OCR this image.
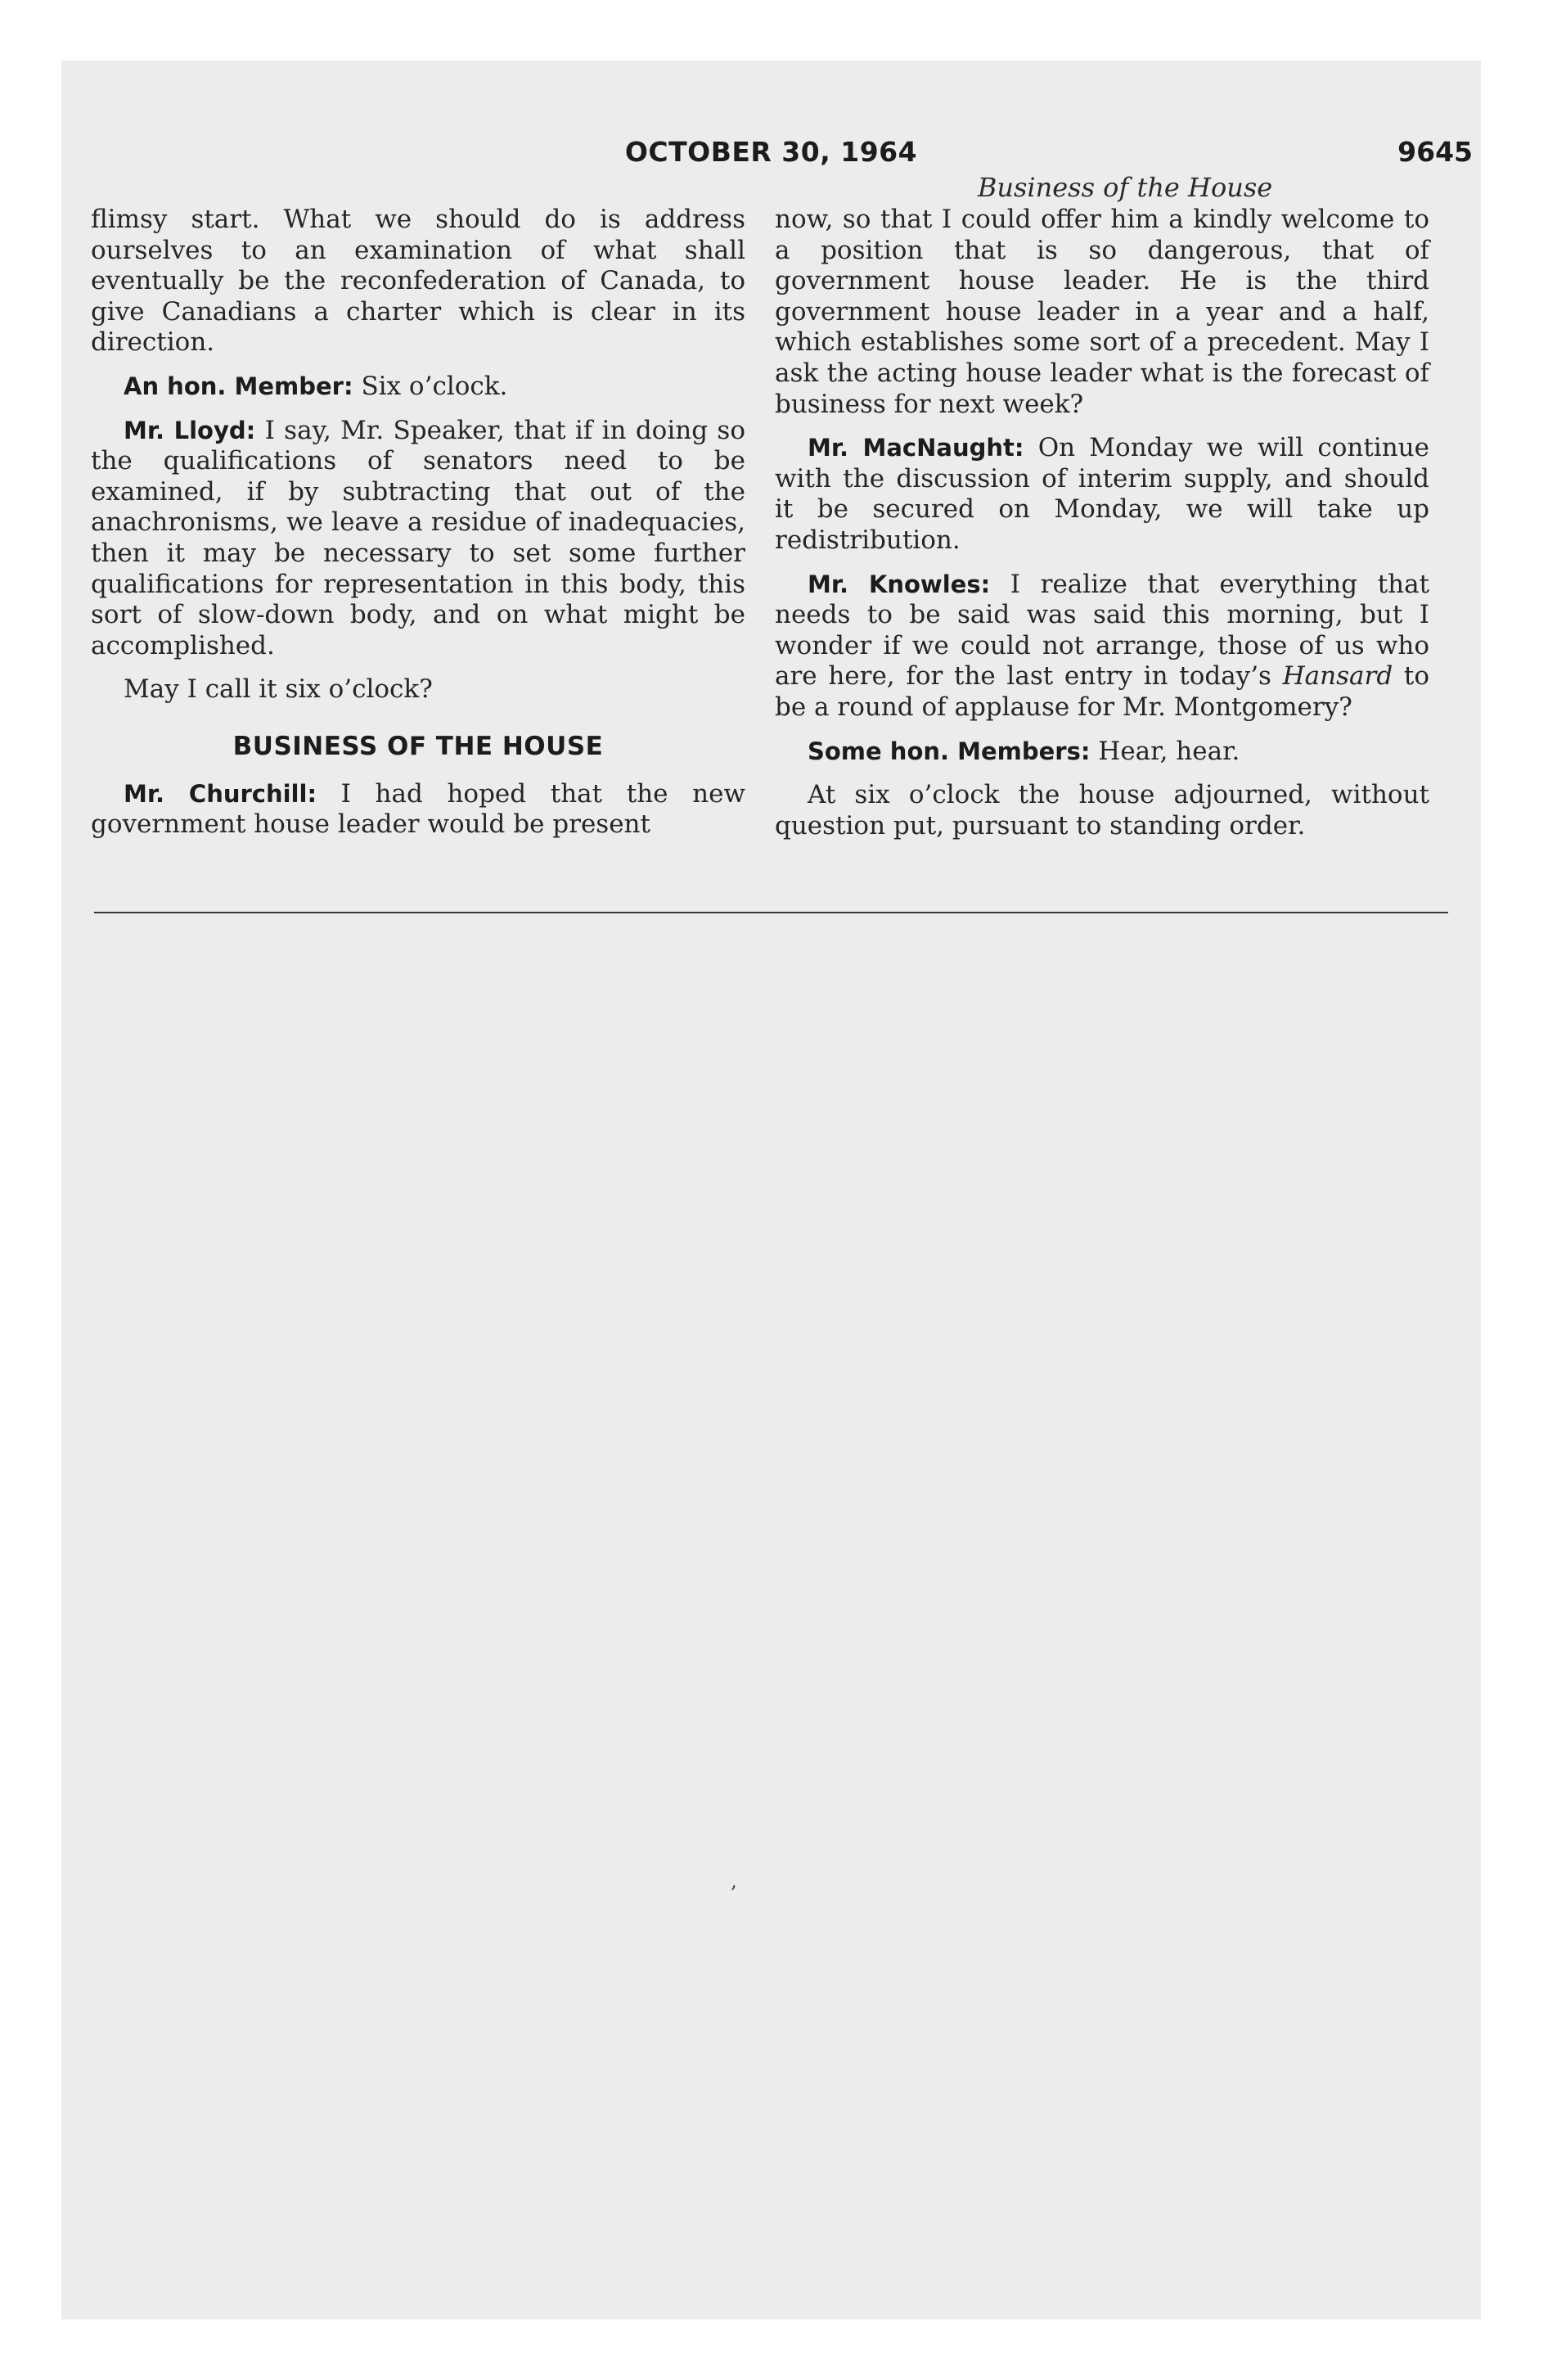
OCTOBER 30, 1964	9645
Business of the House

flimsy start. What we should do is address ourselves to an examination of what shall eventually be the reconfederation of Canada, to give Canadians a charter which is clear in its direction.

An hon. Member: Six o’clock.

Mr. Lloyd: I say, Mr. Speaker, that if in doing so the qualifications of senators need to be examined, if by subtracting that out of the anachronisms, we leave a residue of inadequacies, then it may be necessary to set some further qualifications for representation in this body, this sort of slow-down body, and on what might be accomplished.

May I call it six o’clock?

BUSINESS OF THE HOUSE

Mr. Churchill: I had hoped that the new government house leader would be present

now, so that I could offer him a kindly welcome to a position that is so dangerous, that of government house leader. He is the third government house leader in a year and a half, which establishes some sort of a precedent. May I ask the acting house leader what is the forecast of business for next week?

Mr. MacNaught: On Monday we will continue with the discussion of interim supply, and should it be secured on Monday, we will take up redistribution.

Mr. Knowles: I realize that everything that needs to be said was said this morning, but I wonder if we could not arrange, those of us who are here, for the last entry in today’s Hansard to be a round of applause for Mr. Montgomery?

Some hon. Members: Hear, hear.

At six o’clock the house adjourned, without question put, pursuant to standing order.

‚
